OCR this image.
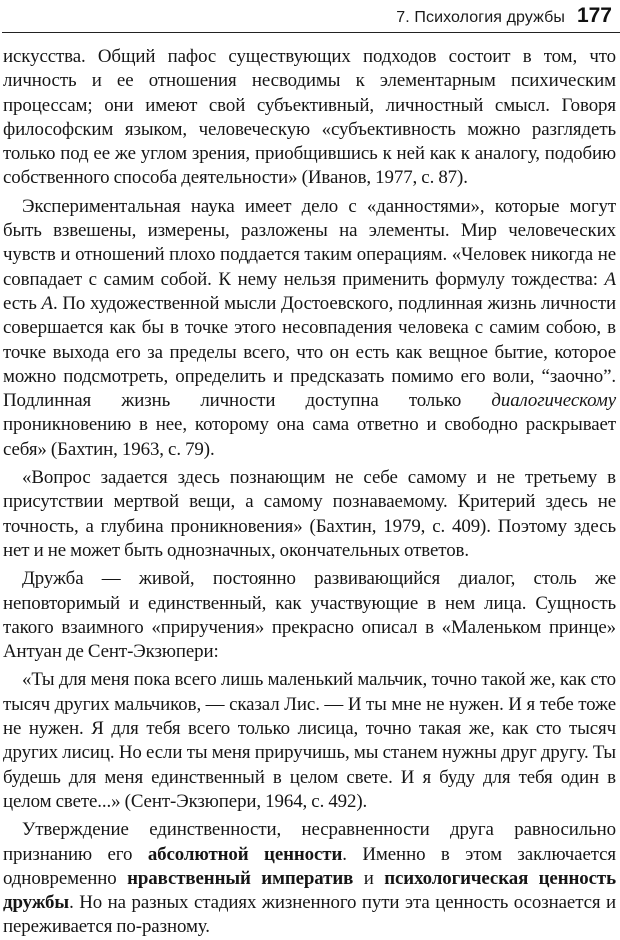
7. Психология дружбы 177

искусства. Общий пафос существующих подходов состоит в том, что личность и ее отношения несводимы к элементарным психическим процессам; они имеют свой субъективный, личностный смысл. Говоря философским языком, человеческую «субъективность можно разглядеть только под ее же углом зрения, приобщившись к ней как к аналогу, подобию собственного способа деятельности» (Иванов, 1977, с. 87).

Экспериментальная наука имеет дело с «данностями», которые могут быть взвешены, измерены, разложены на элементы. Мир человеческих чувств и отношений плохо поддается таким операциям. «Человек никогда не совпадает с самим собой. К нему нельзя применить формулу тождества: А есть А. По художественной мысли Достоевского, подлинная жизнь личности совершается как бы в точке этого несовпадения человека с самим собою, в точке выхода его за пределы всего, что он есть как вещное бытие, которое можно подсмотреть, определить и предсказать помимо его воли, “заочно”. Подлинная жизнь личности доступна только диалогическому проникновению в нее, которому она сама ответно и свободно раскрывает себя» (Бахтин, 1963, с. 79).

«Вопрос задается здесь познающим не себе самому и не третьему в присутствии мертвой вещи, а самому познаваемому. Критерий здесь не точность, а глубина проникновения» (Бахтин, 1979, с. 409). Поэтому здесь нет и не может быть однозначных, окончательных ответов.

Дружба — живой, постоянно развивающийся диалог, столь же неповторимый и единственный, как участвующие в нем лица. Сущность такого взаимного «приручения» прекрасно описал в «Маленьком принце» Антуан де Сент-Экзюпери:

«Ты для меня пока всего лишь маленький мальчик, точно такой же, как сто тысяч других мальчиков, — сказал Лис. — И ты мне не нужен. И я тебе тоже не нужен. Я для тебя всего только лисица, точно такая же, как сто тысяч других лисиц. Но если ты меня приручишь, мы станем нужны друг другу. Ты будешь для меня единственный в целом свете. И я буду для тебя один в целом свете...» (Сент-Экзюпери, 1964, с. 492).

Утверждение единственности, несравненности друга равносильно признанию его абсолютной ценности. Именно в этом заключается одновременно нравственный императив и психологическая ценность дружбы. Но на разных стадиях жизненного пути эта ценность осознается и переживается по-разному.
